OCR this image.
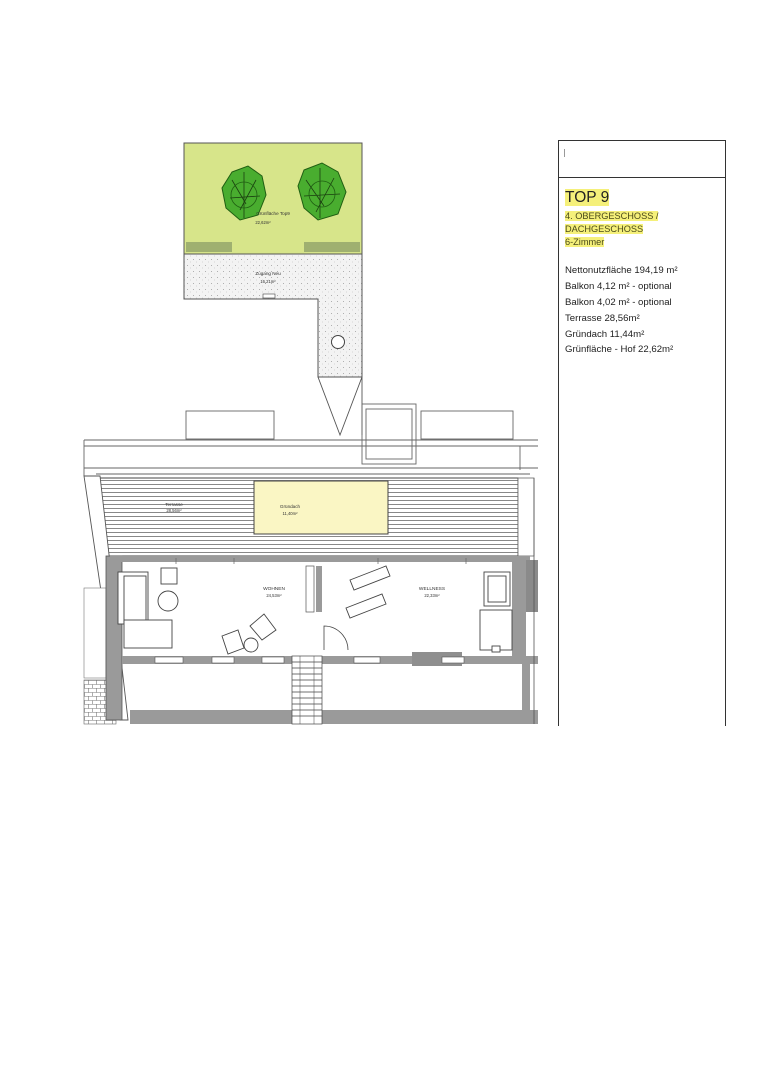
Grünfläche Top9
22,62m²
Zugang Neu
16,21m²
Terrasse
28,56m²
Gründach
11,40m²
WOHNEN
24,53m²
WELLNESS
22,33m²
TOP 9

4. OBERGESCHOSS /

DACHGESCHOSS

6-Zimmer

Nettonutzfläche 194,19 m²

Balkon 4,12 m² - optional

Balkon 4,02 m² - optional

Terrasse 28,56m²

Gründach 11,44m²

Grünfläche - Hof 22,62m²
